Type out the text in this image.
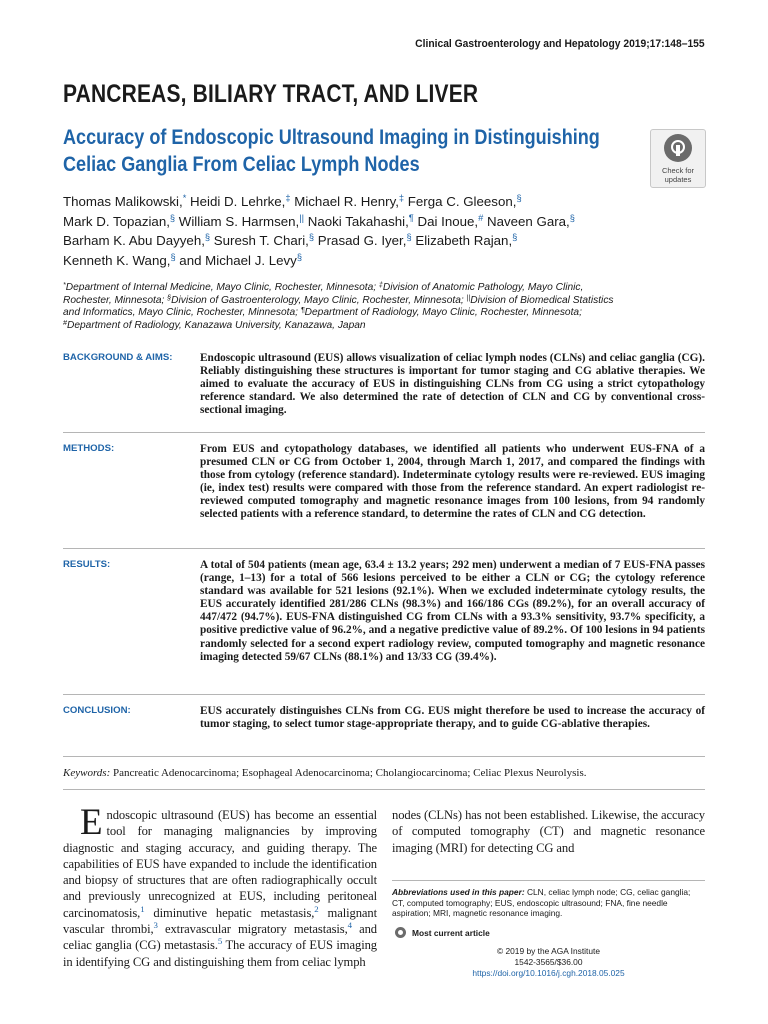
Clinical Gastroenterology and Hepatology 2019;17:148–155
PANCREAS, BILIARY TRACT, AND LIVER
Accuracy of Endoscopic Ultrasound Imaging in Distinguishing
Celiac Ganglia From Celiac Lymph Nodes	Check for
updates
Thomas Malikowski,* Heidi D. Lehrke,‡ Michael R. Henry,‡ Ferga C. Gleeson,§
Mark D. Topazian,§ William S. Harmsen,|| Naoki Takahashi,¶ Dai Inoue,# Naveen Gara,§
Barham K. Abu Dayyeh,§ Suresh T. Chari,§ Prasad G. Iyer,§ Elizabeth Rajan,§
Kenneth K. Wang,§ and Michael J. Levy§
*Department of Internal Medicine, Mayo Clinic, Rochester, Minnesota; ‡Division of Anatomic Pathology, Mayo Clinic,
Rochester, Minnesota; §Division of Gastroenterology, Mayo Clinic, Rochester, Minnesota; ||Division of Biomedical Statistics
and Informatics, Mayo Clinic, Rochester, Minnesota; ¶Department of Radiology, Mayo Clinic, Rochester, Minnesota;
#Department of Radiology, Kanazawa University, Kanazawa, Japan
BACKGROUND & AIMS: Endoscopic ultrasound (EUS) allows visualization of celiac lymph nodes (CLNs) and celiac ganglia (CG). Reliably distinguishing these structures is important for tumor staging and CG ablative therapies. We aimed to evaluate the accuracy of EUS in distinguishing CLNs from CG using a strict cytopathology reference standard. We also determined the rate of detection of CLN and CG by conventional cross-sectional imaging.
METHODS:	From EUS and cytopathology databases, we identified all patients who underwent EUS-FNA of a presumed CLN or CG from October 1, 2004, through March 1, 2017, and compared the findings with those from cytology (reference standard). Indeterminate cytology results were re-reviewed. EUS imaging (ie, index test) results were compared with those from the reference standard. An expert radiologist re-reviewed computed tomography and magnetic resonance images from 100 lesions, from 94 randomly selected patients with a reference standard, to determine the rates of CLN and CG detection.
RESULTS:	A total of 504 patients (mean age, 63.4 ± 13.2 years; 292 men) underwent a median of 7 EUS-FNA passes (range, 1–13) for a total of 566 lesions perceived to be either a CLN or CG; the cytology reference standard was available for 521 lesions (92.1%). When we excluded indeterminate cytology results, the EUS accurately identified 281/286 CLNs (98.3%) and 166/186 CGs (89.2%), for an overall accuracy of 447/472 (94.7%). EUS-FNA distinguished CG from CLNs with a 93.3% sensitivity, 93.7% specificity, a positive predictive value of 96.2%, and a negative predictive value of 89.2%. Of 100 lesions in 94 patients randomly selected for a second expert radiology review, computed tomography and magnetic resonance imaging detected 59/67 CLNs (88.1%) and 13/33 CG (39.4%).
CONCLUSION:	EUS accurately distinguishes CLNs from CG. EUS might therefore be used to increase the accuracy of tumor staging, to select tumor stage-appropriate therapy, and to guide CG-ablative therapies.
Keywords: Pancreatic Adenocarcinoma; Esophageal Adenocarcinoma; Cholangiocarcinoma; Celiac Plexus Neurolysis.
E ndoscopic ultrasound (EUS) has become an essential tool for managing malignancies by improving diagnostic and staging accuracy, and guiding therapy. The capabilities of EUS have expanded to include the identification and biopsy of structures that are often radiographically occult and previously unrecognized at EUS, including peritoneal carcinomatosis,$^1$ diminutive hepatic metastasis,$^2$ malignant vascular thrombi,$^3$ extravascular migratory metastasis,$^4$ and celiac ganglia (CG) metastasis.$^5$ The accuracy of EUS imaging in identifying CG and distinguishing them from celiac lymph
nodes (CLNs) has not been established. Likewise, the accuracy of computed tomography (CT) and magnetic resonance imaging (MRI) for detecting CG and
Abbreviations used in this paper: CLN, celiac lymph node; CG, celiac ganglia; CT, computed tomography; EUS, endoscopic ultrasound; FNA, fine needle aspiration; MRI, magnetic resonance imaging.
Most current article
© 2019 by the AGA Institute
1542-3565/$36.00
https://doi.org/10.1016/j.cgh.2018.05.025
